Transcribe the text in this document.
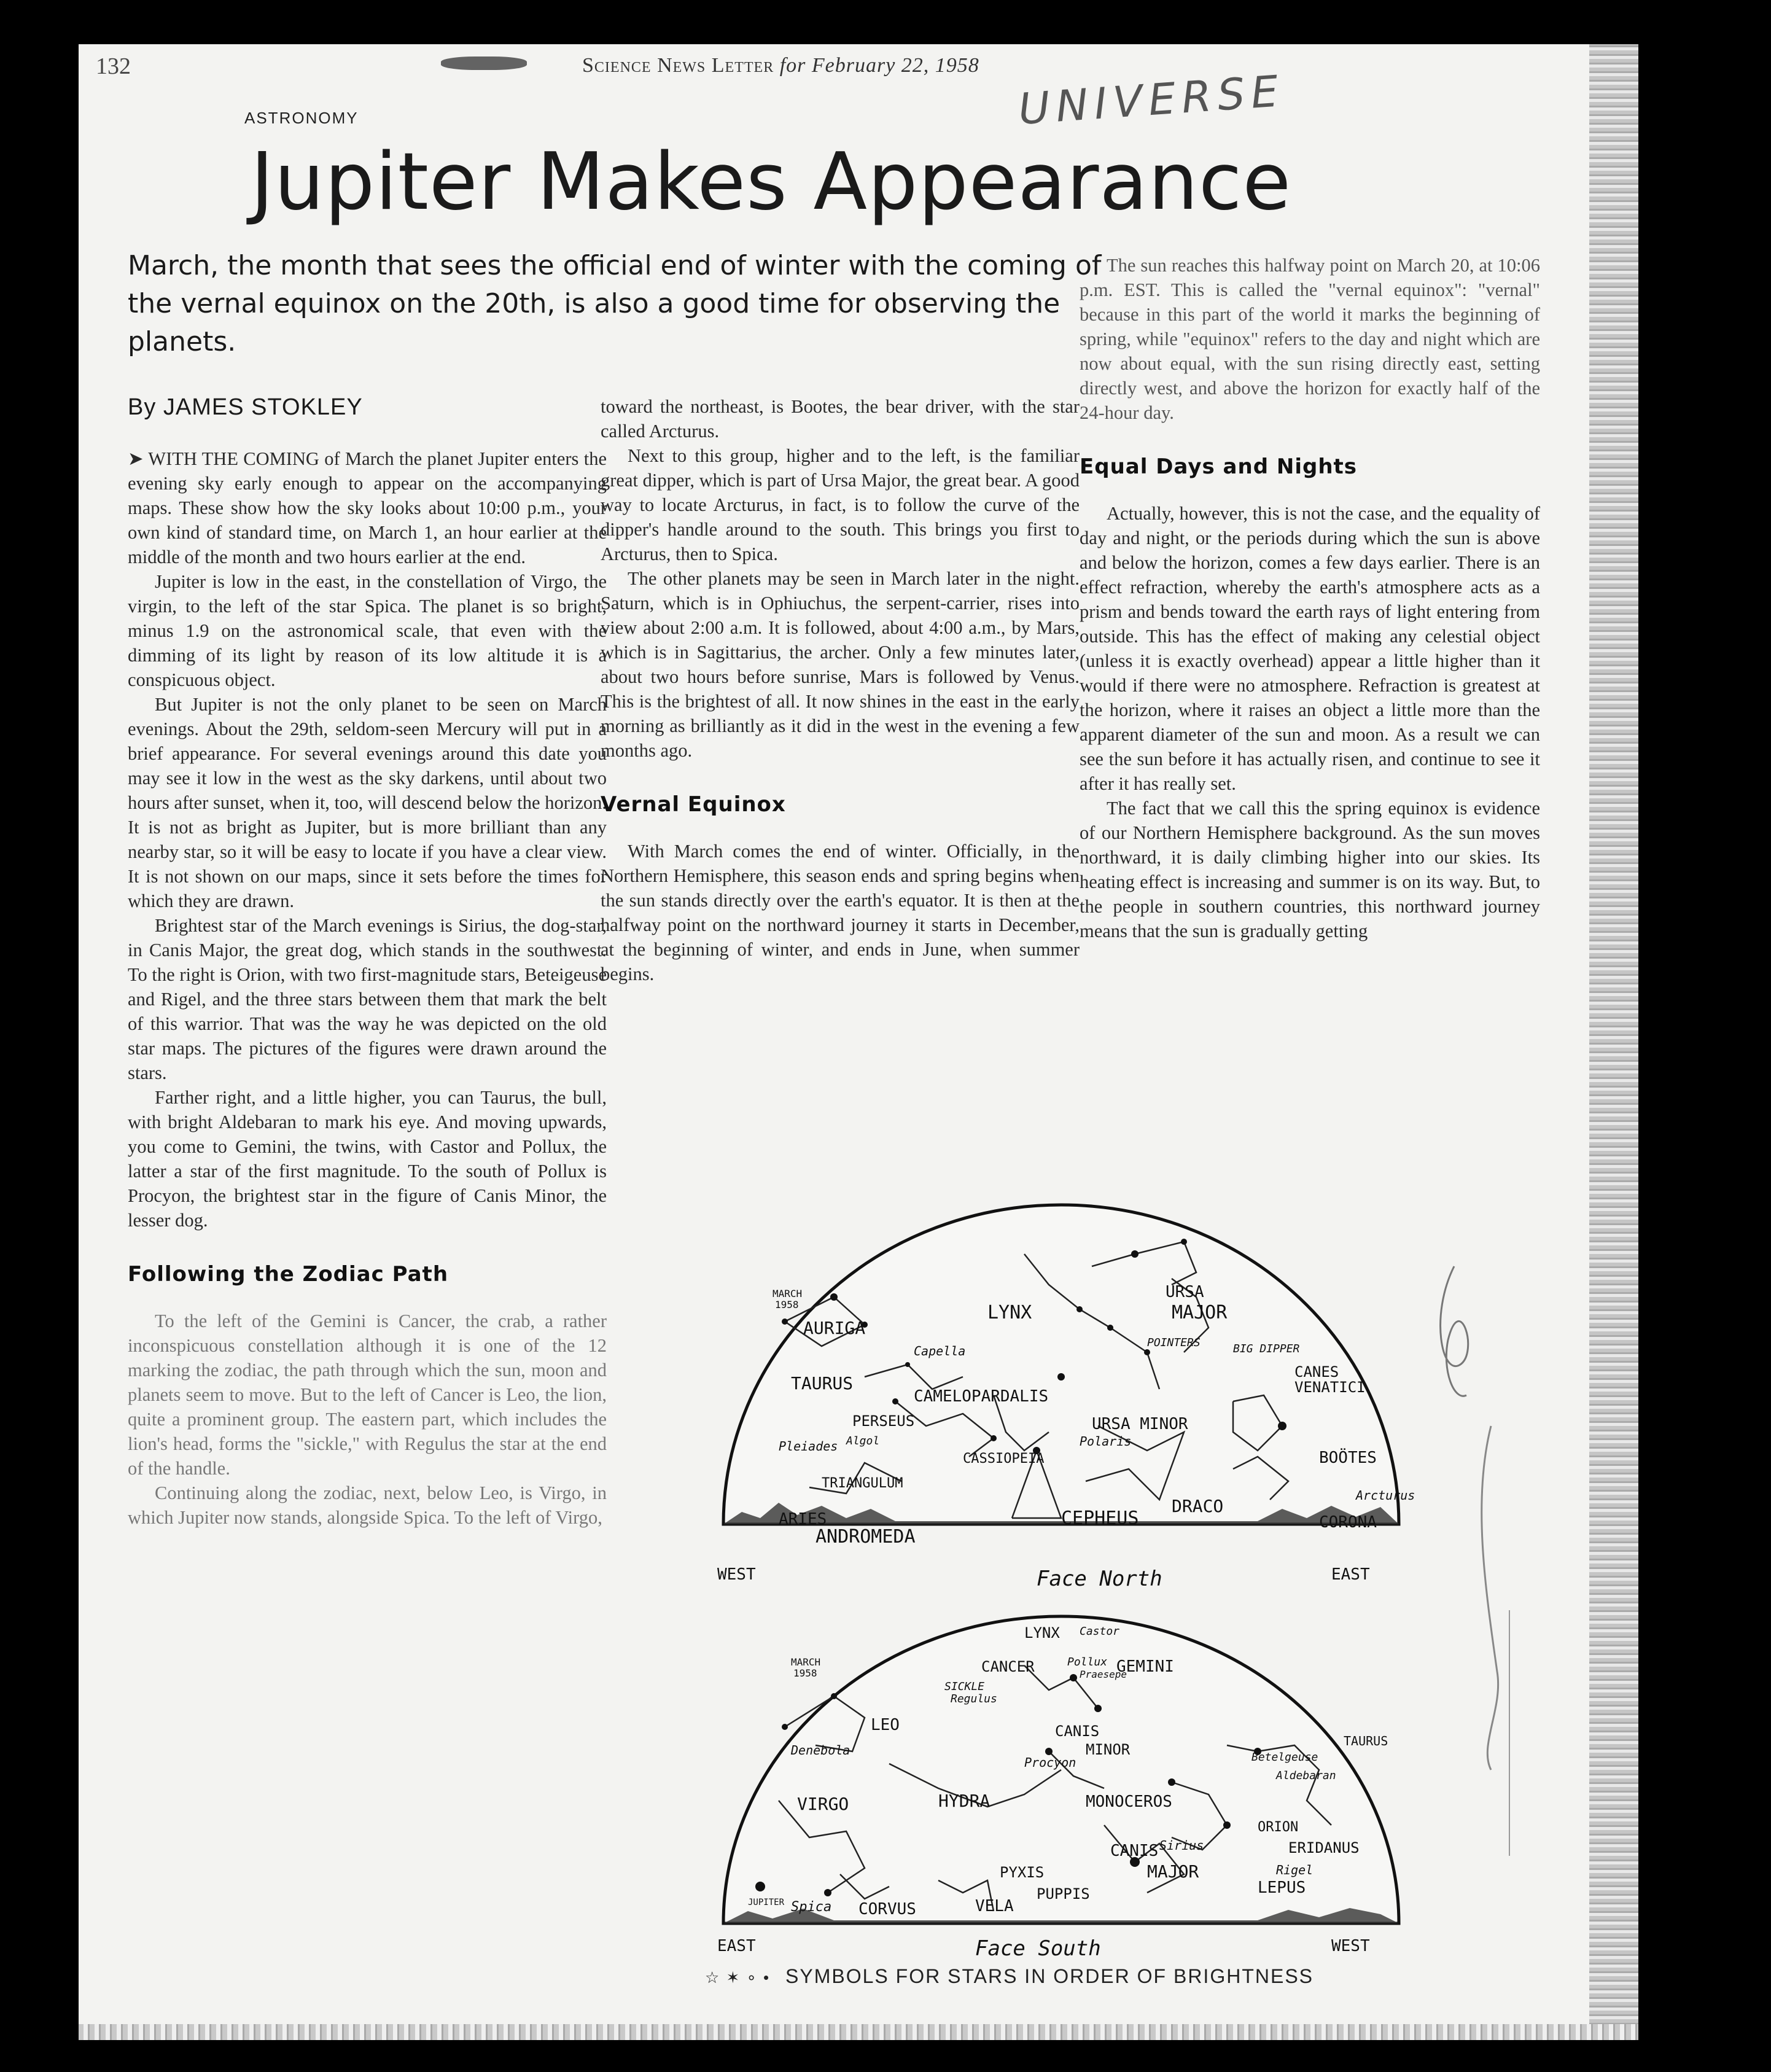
132	Science News Letter for February 22, 1958
UNIVERSE
ASTRONOMY
Jupiter Makes Appearance
March, the month that sees the official end of winter with the coming of the vernal equinox on the 20th, is also a good time for observing the planets.
By JAMES STOKLEY

➤ WITH THE COMING of March the planet Jupiter enters the evening sky early enough to appear on the accompanying maps. These show how the sky looks about 10:00 p.m., your own kind of standard time, on March 1, an hour earlier at the middle of the month and two hours earlier at the end.

Jupiter is low in the east, in the constellation of Virgo, the virgin, to the left of the star Spica. The planet is so bright, minus 1.9 on the astronomical scale, that even with the dimming of its light by reason of its low altitude it is a conspicuous object.

But Jupiter is not the only planet to be seen on March evenings. About the 29th, seldom-seen Mercury will put in a brief appearance. For several evenings around this date you may see it low in the west as the sky darkens, until about two hours after sunset, when it, too, will descend below the horizon. It is not as bright as Jupiter, but is more brilliant than any nearby star, so it will be easy to locate if you have a clear view. It is not shown on our maps, since it sets before the times for which they are drawn.

Brightest star of the March evenings is Sirius, the dog-star, in Canis Major, the great dog, which stands in the southwest. To the right is Orion, with two first-magnitude stars, Beteigeuse and Rigel, and the three stars between them that mark the belt of this warrior. That was the way he was depicted on the old star maps. The pictures of the figures were drawn around the stars.

Farther right, and a little higher, you can Taurus, the bull, with bright Aldebaran to mark his eye. And moving upwards, you come to Gemini, the twins, with Castor and Pollux, the latter a star of the first magnitude. To the south of Pollux is Procyon, the brightest star in the figure of Canis Minor, the lesser dog.

Following the Zodiac Path

To the left of the Gemini is Cancer, the crab, a rather inconspicuous constellation although it is one of the 12 marking the zodiac, the path through which the sun, moon and planets seem to move. But to the left of Cancer is Leo, the lion, quite a prominent group. The eastern part, which includes the lion's head, forms the "sickle," with Regulus the star at the end of the handle.

Continuing along the zodiac, next, below Leo, is Virgo, in which Jupiter now stands, alongside Spica. To the left of Virgo,

toward the northeast, is Bootes, the bear driver, with the star called Arcturus.

Next to this group, higher and to the left, is the familiar great dipper, which is part of Ursa Major, the great bear. A good way to locate Arcturus, in fact, is to follow the curve of the dipper's handle around to the south. This brings you first to Arcturus, then to Spica.

The other planets may be seen in March later in the night. Saturn, which is in Ophiuchus, the serpent-carrier, rises into view about 2:00 a.m. It is followed, about 4:00 a.m., by Mars, which is in Sagittarius, the archer. Only a few minutes later, about two hours before sunrise, Mars is followed by Venus. This is the brightest of all. It now shines in the east in the early morning as brilliantly as it did in the west in the evening a few months ago.

Vernal Equinox

With March comes the end of winter. Officially, in the Northern Hemisphere, this season ends and spring begins when the sun stands directly over the earth's equator. It is then at the halfway point on the northward journey it starts in December, at the beginning of winter, and ends in June, when summer begins.

The sun reaches this halfway point on March 20, at 10:06 p.m. EST. This is called the "vernal equinox": "vernal" because in this part of the world it marks the beginning of spring, while "equinox" refers to the day and night which are now about equal, with the sun rising directly east, setting directly west, and above the horizon for exactly half of the 24-hour day.

Equal Days and Nights

Actually, however, this is not the case, and the equality of day and night, or the periods during which the sun is above and below the horizon, comes a few days earlier. There is an effect refraction, whereby the earth's atmosphere acts as a prism and bends toward the earth rays of light entering from outside. This has the effect of making any celestial object (unless it is exactly overhead) appear a little higher than it would if there were no atmosphere. Refraction is greatest at the horizon, where it raises an object a little more than the apparent diameter of the sun and moon. As a result we can see the sun before it has actually risen, and continue to see it after it has really set.

The fact that we call this the spring equinox is evidence of our Northern Hemisphere background. As the sun moves northward, it is daily climbing higher into our skies. Its heating effect is increasing and summer is on its way. But, to the people in southern countries, this northward journey means that the sun is gradually getting

MARCH
1958
AURIGA
LYNX
URSA
MAJOR
TAURUS
CAMELOPARDALIS
CANES
VENATICI
PERSEUS	URSA MINOR
TRIANGULUM
CASSIOPEIA	BOÖTES
ARIES
ANDROMEDA
CEPHEUS
DRACO
CORONA
Capella
Pleiades Algol	Polaris
Arcturus
POINTERS	BIG DIPPER
WEST	EAST
Face North
MARCH
1958
LYNX
CANCER	GEMINI
LEO	CANIS
MINOR
VIRGO	HYDRA	MONOCEROS
ORION
ERIDANUS
CANIS
MAJOR
PYXIS
PUPPIS
VELA
CORVUS
LEPUS
TAURUS
Castor
Pollux
Praesepe
Regulus
Denebola
Procyon	Betelgeuse
Aldebaran
Sirius
Rigel
Spica
SICKLE
JUPITER
EAST	WEST
Face South
☆ ✶ ∘ • SYMBOLS FOR STARS IN ORDER OF BRIGHTNESS
